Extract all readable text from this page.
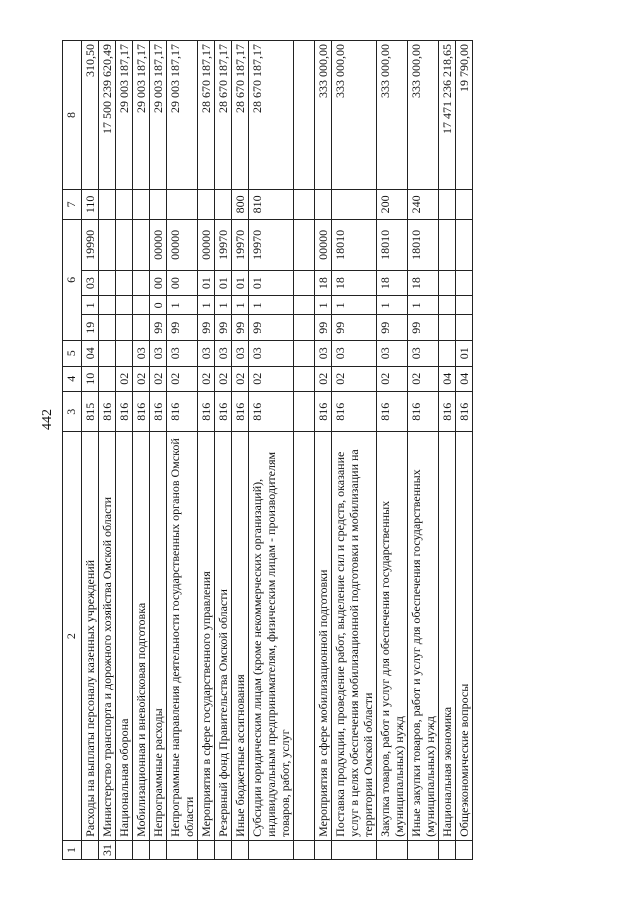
442
1	2	3	4	5	6				7	8
	Расходы на выплаты персоналу казенных учреждений	815	10	04	19	1	03	19990	110	310,50
31	Министерство транспорта и дорожного хозяйства Омской области	816								17 500 239 620,49
	Национальная оборона	816	02							29 003 187,17
	Мобилизационная и вневойсковая подготовка	816	02	03						29 003 187,17
	Непрограммные расходы	816	02	03	99	0	00	00000		29 003 187,17
	Непрограммные направления деятельности государственных органов Омской области	816	02	03	99	1	00	00000		29 003 187,17
	Мероприятия в сфере государственного управления	816	02	03	99	1	01	00000		28 670 187,17
	Резервный фонд Правительства Омской области	816	02	03	99	1	01	19970		28 670 187,17
	Иные бюджетные ассигнования	816	02	03	99	1	01	19970	800	28 670 187,17
	Субсидии юридическим лицам (кроме некоммерческих организаций), индивидуальным предпринимателям, физическим лицам - производителям товаров, работ, услуг	816	02	03	99	1	01	19970	810	28 670 187,17

	Мероприятия в сфере мобилизационной подготовки	816	02	03	99	1	18	00000		333 000,00
	Поставка продукции, проведение работ, выделение сил и средств, оказание услуг в целях обеспечения мобилизационной подготовки и мобилизации на территории Омской области	816	02	03	99	1	18	18010		333 000,00
	Закупка товаров, работ и услуг для обеспечения государственных (муниципальных) нужд	816	02	03	99	1	18	18010	200	333 000,00
	Иные закупки товаров, работ и услуг для обеспечения государственных (муниципальных) нужд	816	02	03	99	1	18	18010	240	333 000,00
	Национальная экономика	816	04							17 471 236 218,65
	Общеэкономические вопросы	816	04	01						19 790,00
